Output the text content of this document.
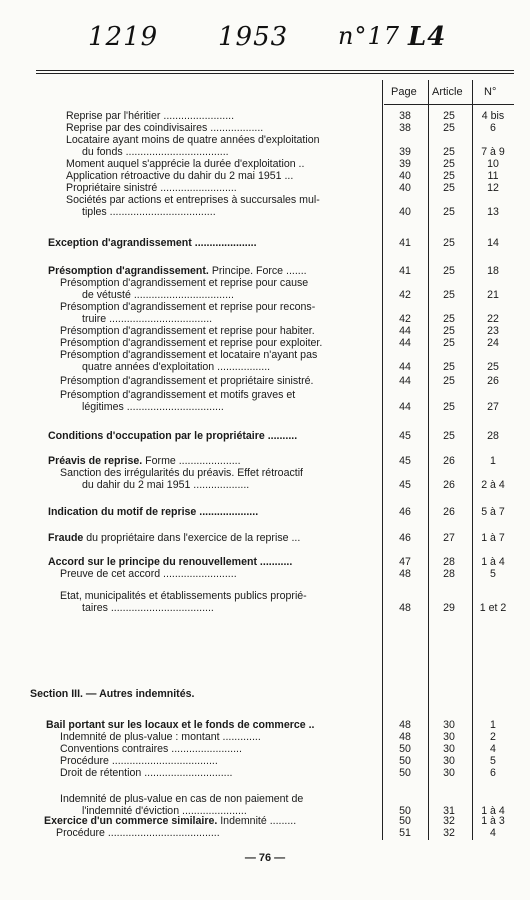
1219 1953 n°17 L4
Page Article N°
Reprise par l'héritier ........................	38	25	4 bis
Reprise par des coindivisaires ..................	38	25	6
Locataire ayant moins de quatre années d'exploitation
du fonds ...................................	39	25	7 à 9
Moment auquel s'apprécie la durée d'exploitation ..	39	25	10
Application rétroactive du dahir du 2 mai 1951 ...	40	25	11
Propriétaire sinistré ..........................	40	25	12
Sociétés par actions et entreprises à succursales mul-
tiples ....................................	40	25	13
Exception d'agrandissement .....................	41	25	14
Présomption d'agrandissement. Principe. Force .......	41	25	18
Présomption d'agrandissement et reprise pour cause
de vétusté ..................................	42	25	21
Présomption d'agrandissement et reprise pour recons-
truire ...................................	42	25	22
Présomption d'agrandissement et reprise pour habiter.	44	25	23
Présomption d'agrandissement et reprise pour exploiter.	44	25	24
Présomption d'agrandissement et locataire n'ayant pas
quatre années d'exploitation ..................	44	25	25
Présomption d'agrandissement et propriétaire sinistré.	44	25	26
Présomption d'agrandissement et motifs graves et
légitimes .................................	44	25	27
Conditions d'occupation par le propriétaire ..........	45	25	28
Préavis de reprise. Forme .....................	45	26	1
Sanction des irrégularités du préavis. Effet rétroactif
du dahir du 2 mai 1951 ...................	45	26	2 à 4
Indication du motif de reprise ....................	46	26	5 à 7
Fraude du propriétaire dans l'exercice de la reprise ...	46	27	1 à 7
Accord sur le principe du renouvellement ...........	47	28	1 à 4
Preuve de cet accord .........................	48	28	5
Etat, municipalités et établissements publics proprié-
taires ...................................	48	29	1 et 2
Section III. — Autres indemnités.
Bail portant sur les locaux et le fonds de commerce ..	48	30	1
Indemnité de plus-value : montant .............	48	30	2
Conventions contraires ........................	50	30	4
Procédure ....................................	50	30	5
Droit de rétention ..............................	50	30	6
Indemnité de plus-value en cas de non paiement de
l'indemnité d'éviction ......................	50	31	1 à 4
Exercice d'un commerce similaire. Indemnité .........	50	32	1 à 3
Procédure ......................................	51	32	4
— 76 —
